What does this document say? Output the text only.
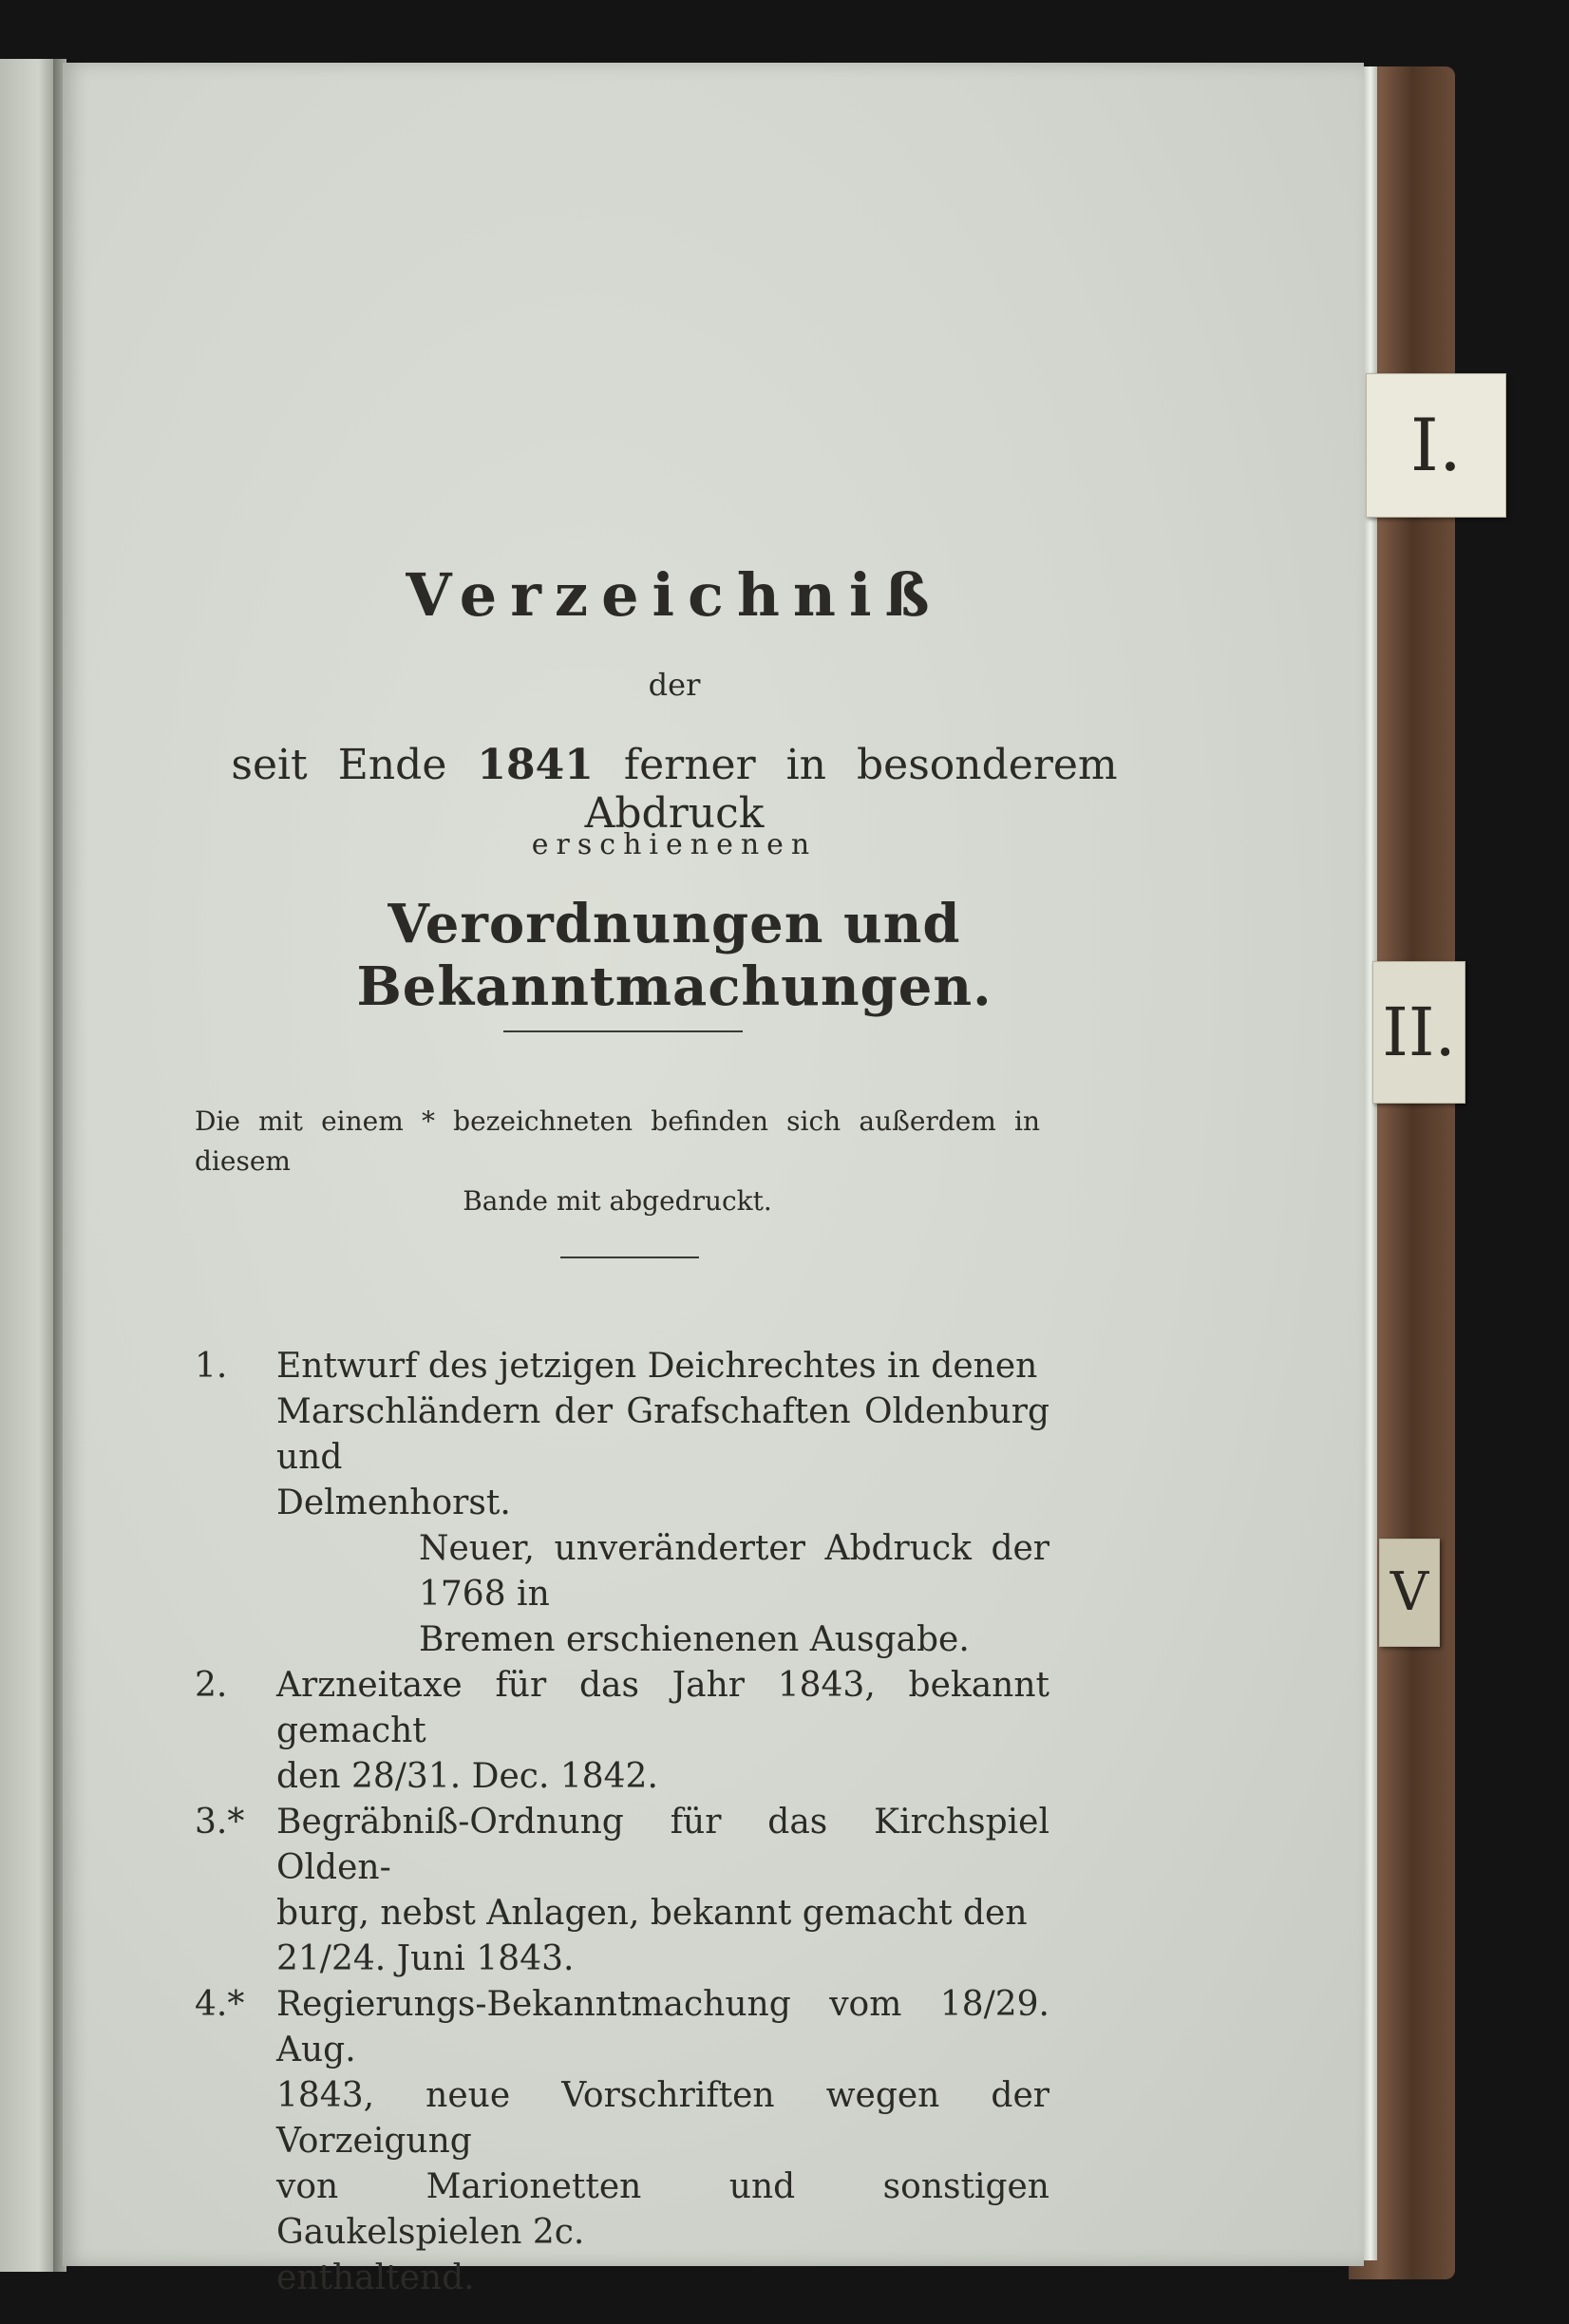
I.
II.
V
Verzeichniß
der
seit Ende 1841 ferner in besonderem Abdruck
erschienenen
Verordnungen und Bekanntmachungen.
Die mit einem * bezeichneten befinden sich außerdem in diesem
Bande mit abgedruckt.
1.	Entwurf des jetzigen Deichrechtes in denen
Marschländern der Grafschaften Oldenburg und
Delmenhorst.
Neuer, unveränderter Abdruck der 1768 in
Bremen erschienenen Ausgabe.
2.	Arzneitaxe für das Jahr 1843, bekannt gemacht
den 28/31. Dec. 1842.
3.* Begräbniß-Ordnung für das Kirchspiel Olden-
burg, nebst Anlagen, bekannt gemacht den
21/24. Juni 1843.
4.* Regierungs-Bekanntmachung vom 18/29. Aug.
1843, neue Vorschriften wegen der Vorzeigung
von Marionetten und sonstigen Gaukelspielen 2c.
enthaltend.
